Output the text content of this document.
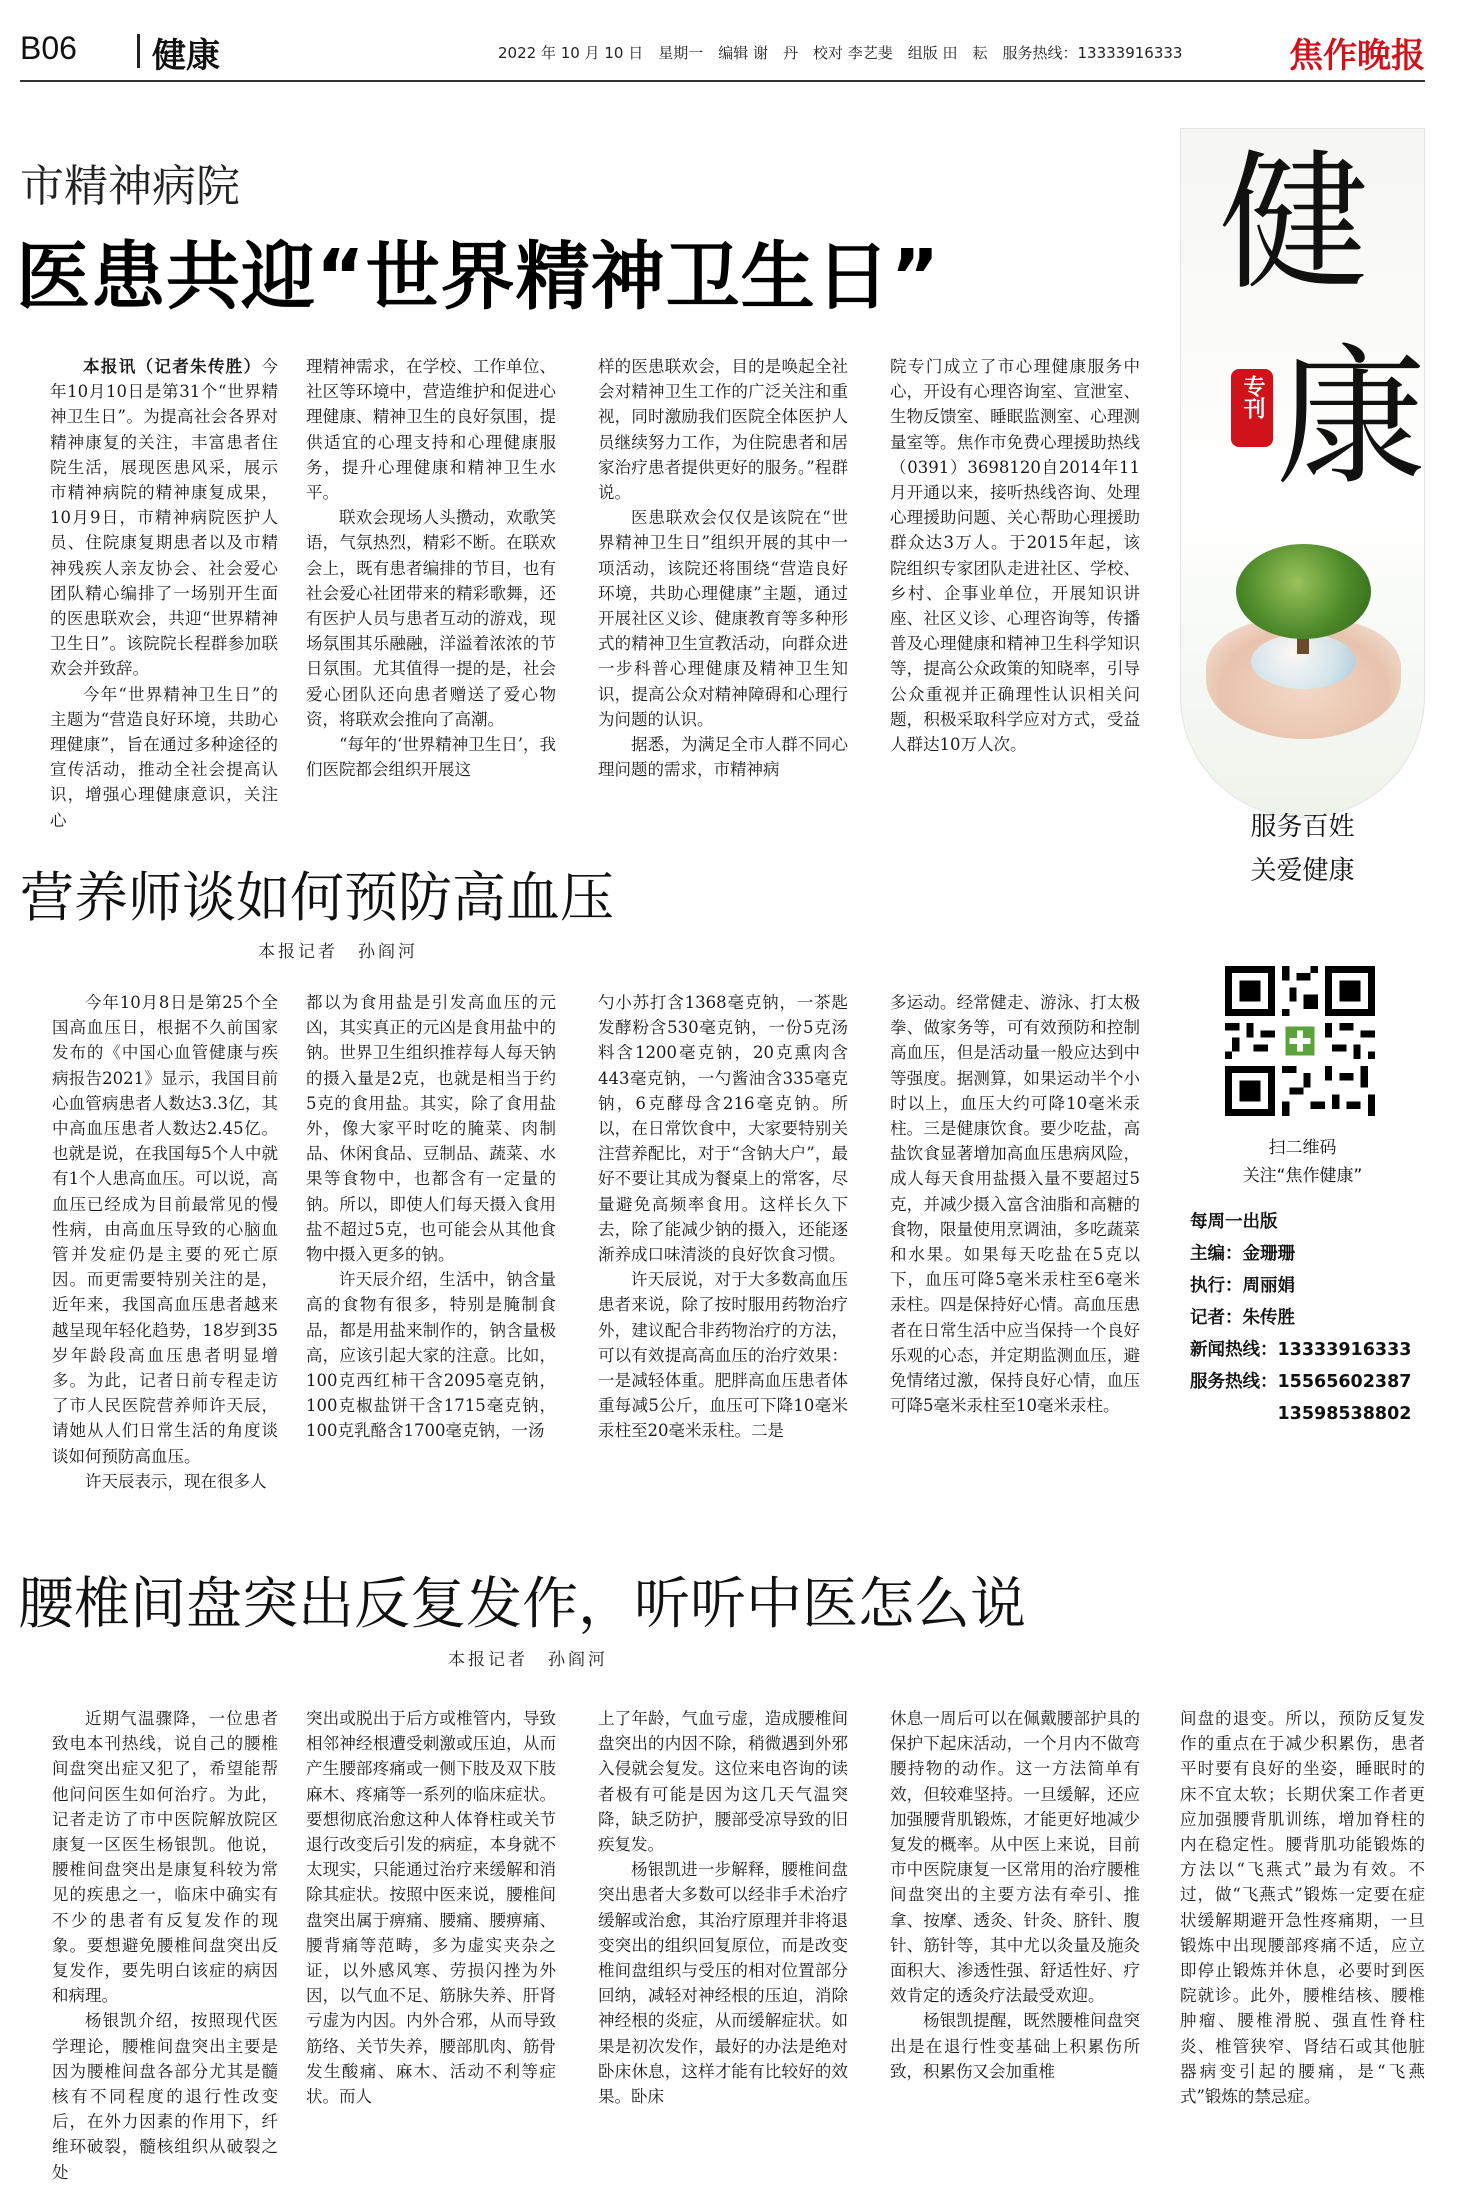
B06 健康	2022 年 10 月 10 日　星期一　编辑 谢　丹　校对 李艺斐　组版 田　耘　服务热线：13333916333	焦作晚报
市精神病院
医患共迎“世界精神卫生日”

本报讯（记者朱传胜）今年10月10日是第31个“世界精神卫生日”。为提高社会各界对精神康复的关注，丰富患者住院生活，展现医患风采，展示市精神病院的精神康复成果，10月9日，市精神病院医护人员、住院康复期患者以及市精神残疾人亲友协会、社会爱心团队精心编排了一场别开生面的医患联欢会，共迎“世界精神卫生日”。该院院长程群参加联欢会并致辞。

今年“世界精神卫生日”的主题为“营造良好环境，共助心理健康”，旨在通过多种途径的宣传活动，推动全社会提高认识，增强心理健康意识，关注心

理精神需求，在学校、工作单位、社区等环境中，营造维护和促进心理健康、精神卫生的良好氛围，提供适宜的心理支持和心理健康服务，提升心理健康和精神卫生水平。

联欢会现场人头攒动，欢歌笑语，气氛热烈，精彩不断。在联欢会上，既有患者编排的节目，也有社会爱心社团带来的精彩歌舞，还有医护人员与患者互动的游戏，现场氛围其乐融融，洋溢着浓浓的节日氛围。尤其值得一提的是，社会爱心团队还向患者赠送了爱心物资，将联欢会推向了高潮。

“每年的‘世界精神卫生日’，我们医院都会组织开展这

样的医患联欢会，目的是唤起全社会对精神卫生工作的广泛关注和重视，同时激励我们医院全体医护人员继续努力工作，为住院患者和居家治疗患者提供更好的服务。”程群说。

医患联欢会仅仅是该院在“世界精神卫生日”组织开展的其中一项活动，该院还将围绕“营造良好环境，共助心理健康”主题，通过开展社区义诊、健康教育等多种形式的精神卫生宣教活动，向群众进一步科普心理健康及精神卫生知识，提高公众对精神障碍和心理行为问题的认识。

据悉，为满足全市人群不同心理问题的需求，市精神病

院专门成立了市心理健康服务中心，开设有心理咨询室、宣泄室、生物反馈室、睡眠监测室、心理测量室等。焦作市免费心理援助热线（0391）3698120自2014年11月开通以来，接听热线咨询、处理心理援助问题、关心帮助心理援助群众达3万人。于2015年起，该院组织专家团队走进社区、学校、乡村、企事业单位，开展知识讲座、社区义诊、心理咨询等，传播普及心理健康和精神卫生科学知识等，提高公众政策的知晓率，引导公众重视并正确理性认识相关问题，积极采取科学应对方式，受益人群达10万人次。

营养师谈如何预防高血压
本报记者　孙阎河

今年10月8日是第25个全国高血压日，根据不久前国家发布的《中国心血管健康与疾病报告2021》显示，我国目前心血管病患者人数达3.3亿，其中高血压患者人数达2.45亿。也就是说，在我国每5个人中就有1个人患高血压。可以说，高血压已经成为目前最常见的慢性病，由高血压导致的心脑血管并发症仍是主要的死亡原因。而更需要特别关注的是，近年来，我国高血压患者越来越呈现年轻化趋势，18岁到35岁年龄段高血压患者明显增多。为此，记者日前专程走访了市人民医院营养师许天辰，请她从人们日常生活的角度谈谈如何预防高血压。

许天辰表示，现在很多人

都以为食用盐是引发高血压的元凶，其实真正的元凶是食用盐中的钠。世界卫生组织推荐每人每天钠的摄入量是2克，也就是相当于约5克的食用盐。其实，除了食用盐外，像大家平时吃的腌菜、肉制品、休闲食品、豆制品、蔬菜、水果等食物中，也都含有一定量的钠。所以，即使人们每天摄入食用盐不超过5克，也可能会从其他食物中摄入更多的钠。

许天辰介绍，生活中，钠含量高的食物有很多，特别是腌制食品，都是用盐来制作的，钠含量极高，应该引起大家的注意。比如，100克西红柿干含2095毫克钠，100克椒盐饼干含1715毫克钠，100克乳酪含1700毫克钠，一汤

勺小苏打含1368毫克钠，一茶匙发酵粉含530毫克钠，一份5克汤料含1200毫克钠，20克熏肉含443毫克钠，一勺酱油含335毫克钠，6克酵母含216毫克钠。所以，在日常饮食中，大家要特别关注营养配比，对于“含钠大户”，最好不要让其成为餐桌上的常客，尽量避免高频率食用。这样长久下去，除了能减少钠的摄入，还能逐渐养成口味清淡的良好饮食习惯。

许天辰说，对于大多数高血压患者来说，除了按时服用药物治疗外，建议配合非药物治疗的方法，可以有效提高高血压的治疗效果：一是减轻体重。肥胖高血压患者体重每减5公斤，血压可下降10毫米汞柱至20毫米汞柱。二是

多运动。经常健走、游泳、打太极拳、做家务等，可有效预防和控制高血压，但是活动量一般应达到中等强度。据测算，如果运动半个小时以上，血压大约可降10毫米汞柱。三是健康饮食。要少吃盐，高盐饮食显著增加高血压患病风险，成人每天食用盐摄入量不要超过5克，并减少摄入富含油脂和高糖的食物，限量使用烹调油，多吃蔬菜和水果。如果每天吃盐在5克以下，血压可降5毫米汞柱至6毫米汞柱。四是保持好心情。高血压患者在日常生活中应当保持一个良好乐观的心态，并定期监测血压，避免情绪过激，保持良好心情，血压可降5毫米汞柱至10毫米汞柱。

腰椎间盘突出反复发作，听听中医怎么说
本报记者　孙阎河

近期气温骤降，一位患者致电本刊热线，说自己的腰椎间盘突出症又犯了，希望能帮他问问医生如何治疗。为此，记者走访了市中医院解放院区康复一区医生杨银凯。他说，腰椎间盘突出是康复科较为常见的疾患之一，临床中确实有不少的患者有反复发作的现象。要想避免腰椎间盘突出反复发作，要先明白该症的病因和病理。

杨银凯介绍，按照现代医学理论，腰椎间盘突出主要是因为腰椎间盘各部分尤其是髓核有不同程度的退行性改变后，在外力因素的作用下，纤维环破裂，髓核组织从破裂之处

突出或脱出于后方或椎管内，导致相邻神经根遭受刺激或压迫，从而产生腰部疼痛或一侧下肢及双下肢麻木、疼痛等一系列的临床症状。要想彻底治愈这种人体脊柱或关节退行改变后引发的病症，本身就不太现实，只能通过治疗来缓解和消除其症状。按照中医来说，腰椎间盘突出属于痹痛、腰痛、腰痹痛、腰背痛等范畴，多为虚实夹杂之证，以外感风寒、劳损闪挫为外因，以气血不足、筋脉失养、肝肾亏虚为内因。内外合邪，从而导致筋络、关节失养，腰部肌肉、筋骨发生酸痛、麻木、活动不利等症状。而人

上了年龄，气血亏虚，造成腰椎间盘突出的内因不除，稍微遇到外邪入侵就会复发。这位来电咨询的读者极有可能是因为这几天气温突降，缺乏防护，腰部受凉导致的旧疾复发。

杨银凯进一步解释，腰椎间盘突出患者大多数可以经非手术治疗缓解或治愈，其治疗原理并非将退变突出的组织回复原位，而是改变椎间盘组织与受压的相对位置部分回纳，减轻对神经根的压迫，消除神经根的炎症，从而缓解症状。如果是初次发作，最好的办法是绝对卧床休息，这样才能有比较好的效果。卧床

休息一周后可以在佩戴腰部护具的保护下起床活动，一个月内不做弯腰持物的动作。这一方法简单有效，但较难坚持。一旦缓解，还应加强腰背肌锻炼，才能更好地减少复发的概率。从中医上来说，目前市中医院康复一区常用的治疗腰椎间盘突出的主要方法有牵引、推拿、按摩、透灸、针灸、脐针、腹针、筋针等，其中尤以灸量及施灸面积大、渗透性强、舒适性好、疗效肯定的透灸疗法最受欢迎。

杨银凯提醒，既然腰椎间盘突出是在退行性变基础上积累伤所致，积累伤又会加重椎

间盘的退变。所以，预防反复发作的重点在于减少积累伤，患者平时要有良好的坐姿，睡眠时的床不宜太软；长期伏案工作者更应加强腰背肌训练，增加脊柱的内在稳定性。腰背肌功能锻炼的方法以“飞燕式”最为有效。不过，做“飞燕式”锻炼一定要在症状缓解期避开急性疼痛期，一旦锻炼中出现腰部疼痛不适，应立即停止锻炼并休息，必要时到医院就诊。此外，腰椎结核、腰椎肿瘤、腰椎滑脱、强直性脊柱炎、椎管狭窄、肾结石或其他脏器病变引起的腰痛，是“飞燕式”锻炼的禁忌症。

健
专刊 康
服务百姓
关爱健康
扫二维码
关注“焦作健康”
每周一出版
主编：金珊珊
执行：周丽娟
记者：朱传胜
新闻热线：13333916333
服务热线：15565602387
　　　　　13598538802
